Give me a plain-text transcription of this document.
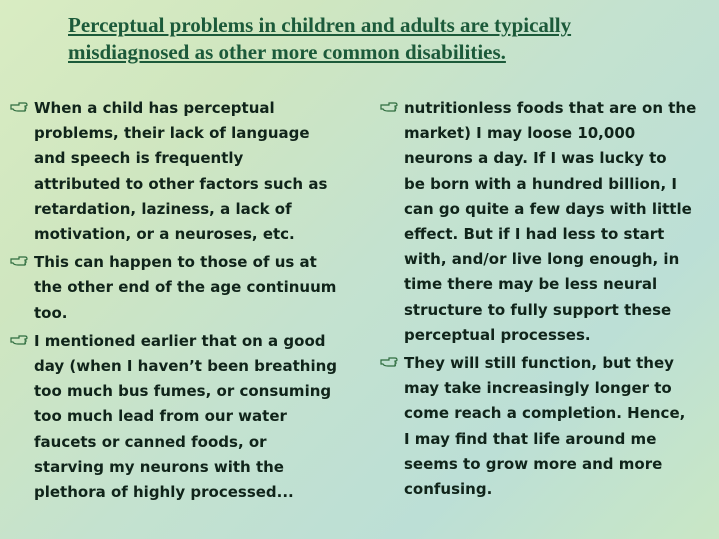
Perceptual problems in children and adults are typically misdiagnosed as other more common disabilities.
When a child has perceptual
problems, their lack of language
and speech is frequently
attributed to other factors such as
retardation, laziness, a lack of
motivation, or a neuroses, etc.
This can happen to those of us at
the other end of the age continuum
too.
I mentioned earlier that on a good
day (when I haven’t been breathing
too much bus fumes, or consuming
too much lead from our water
faucets or canned foods, or
starving my neurons with the
plethora of highly processed...
nutritionless foods that are on the
market) I may loose 10,000
neurons a day. If I was lucky to
be born with a hundred billion, I
can go quite a few days with little
effect. But if I had less to start
with, and/or live long enough, in
time there may be less neural
structure to fully support these
perceptual processes.
They will still function, but they
may take increasingly longer to
come reach a completion. Hence,
I may find that life around me
seems to grow more and more
confusing.
